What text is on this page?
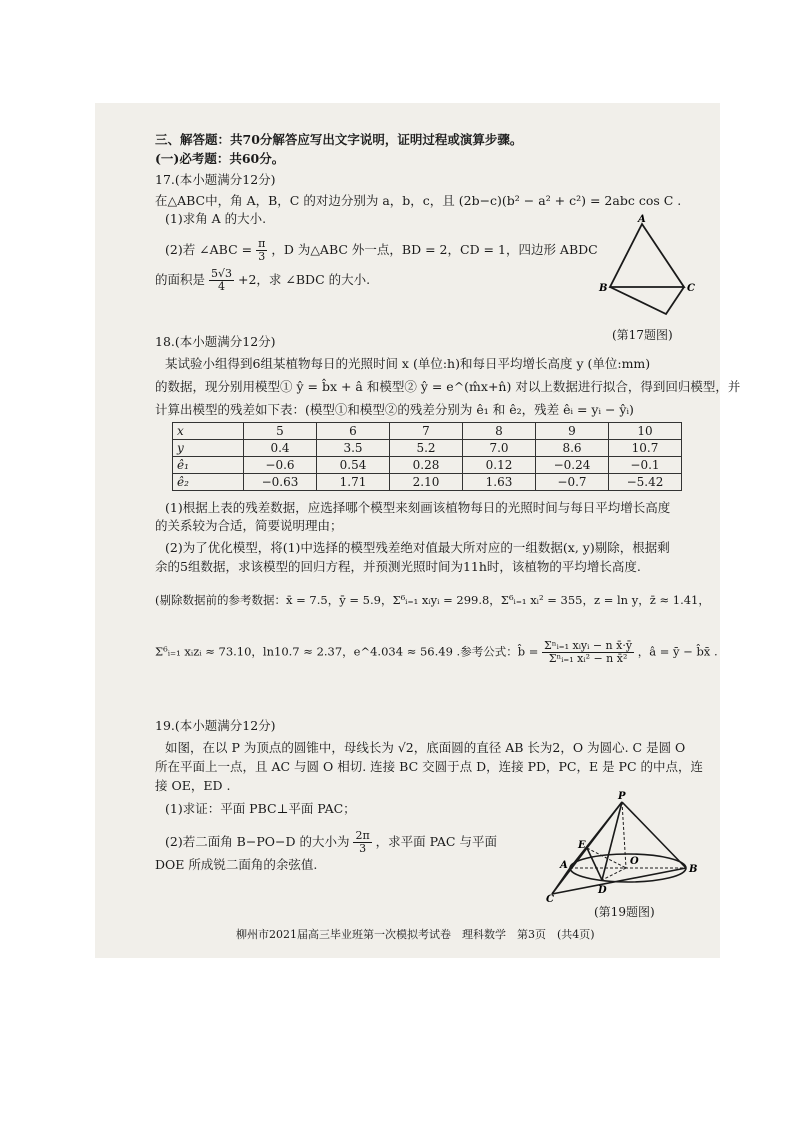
三、解答题：共70分解答应写出文字说明，证明过程或演算步骤。
(一)必考题：共60分。
17.(本小题满分12分)
在△ABC中，角 A，B，C 的对边分别为 a，b，c，且 (2b−c)(b² − a² + c²) = 2abc cos C .
(1)求角 A 的大小.
(2)若 ∠ABC = $\frac{\pi}{3}$ ，D 为△ABC 外一点，BD = 2，CD = 1，四边形 ABDC
的面积是 $\frac{5√3}{4} +2$，求 ∠BDC 的大小.
A
B	C
(第17题图)
18.(本小题满分12分)
某试验小组得到6组某植物每日的光照时间 x (单位:h)和每日平均增长高度 y (单位:mm)
的数据，现分别用模型① ŷ = b̂x + â 和模型② ŷ = e^(m̂x+n̂) 对以上数据进行拟合，得到回归模型，并
计算出模型的残差如下表：(模型①和模型②的残差分别为 ê₁ 和 ê₂，残差 êᵢ = yᵢ − ŷᵢ)
x	5	6	7	8	9	10
y	0.4	3.5	5.2	7.0	8.6	10.7
ê₁	−0.6	0.54	0.28	0.12	−0.24	−0.1
ê₂	−0.63	1.71	2.10	1.63	−0.7	−5.42
(1)根据上表的残差数据，应选择哪个模型来刻画该植物每日的光照时间与每日平均增长高度
的关系较为合适，简要说明理由；
(2)为了优化模型，将(1)中选择的模型残差绝对值最大所对应的一组数据(x, y)剔除，根据剩
余的5组数据，求该模型的回归方程，并预测光照时间为11h时，该植物的平均增长高度.
(剔除数据前的参考数据：x̄ = 7.5，ȳ = 5.9，Σ⁶ᵢ₌₁ xᵢyᵢ = 299.8，Σ⁶ᵢ₌₁ xᵢ² = 355，z = ln y，z̄ ≈ 1.41，
Σ⁶ᵢ₌₁ xᵢzᵢ ≈ 73.10，ln10.7 ≈ 2.37，e^4.034 ≈ 56.49 .参考公式：b̂ = $\frac{\text{Σⁿᵢ₌₁ xᵢyᵢ − n x̄·ȳ}}{\text{Σⁿᵢ₌₁ xᵢ² − n x̄²}}$ ，â = ȳ − b̂x̄ .
19.(本小题满分12分)
如图，在以 P 为顶点的圆锥中，母线长为 √2，底面圆的直径 AB 长为2，O 为圆心. C 是圆 O
所在平面上一点，且 AC 与圆 O 相切. 连接 BC 交圆于点 D，连接 PD，PC，E 是 PC 的中点，连
接 OE，ED .
(1)求证：平面 PBC⊥平面 PAC；
(2)若二面角 B−PO−D 的大小为 $\frac{2\pi}{3}$ ，求平面 PAC 与平面
DOE 所成锐二面角的余弦值.
P
A	B
C
D
E
O
(第19题图)
柳州市2021届高三毕业班第一次模拟考试卷　理科数学　第3页　(共4页)
